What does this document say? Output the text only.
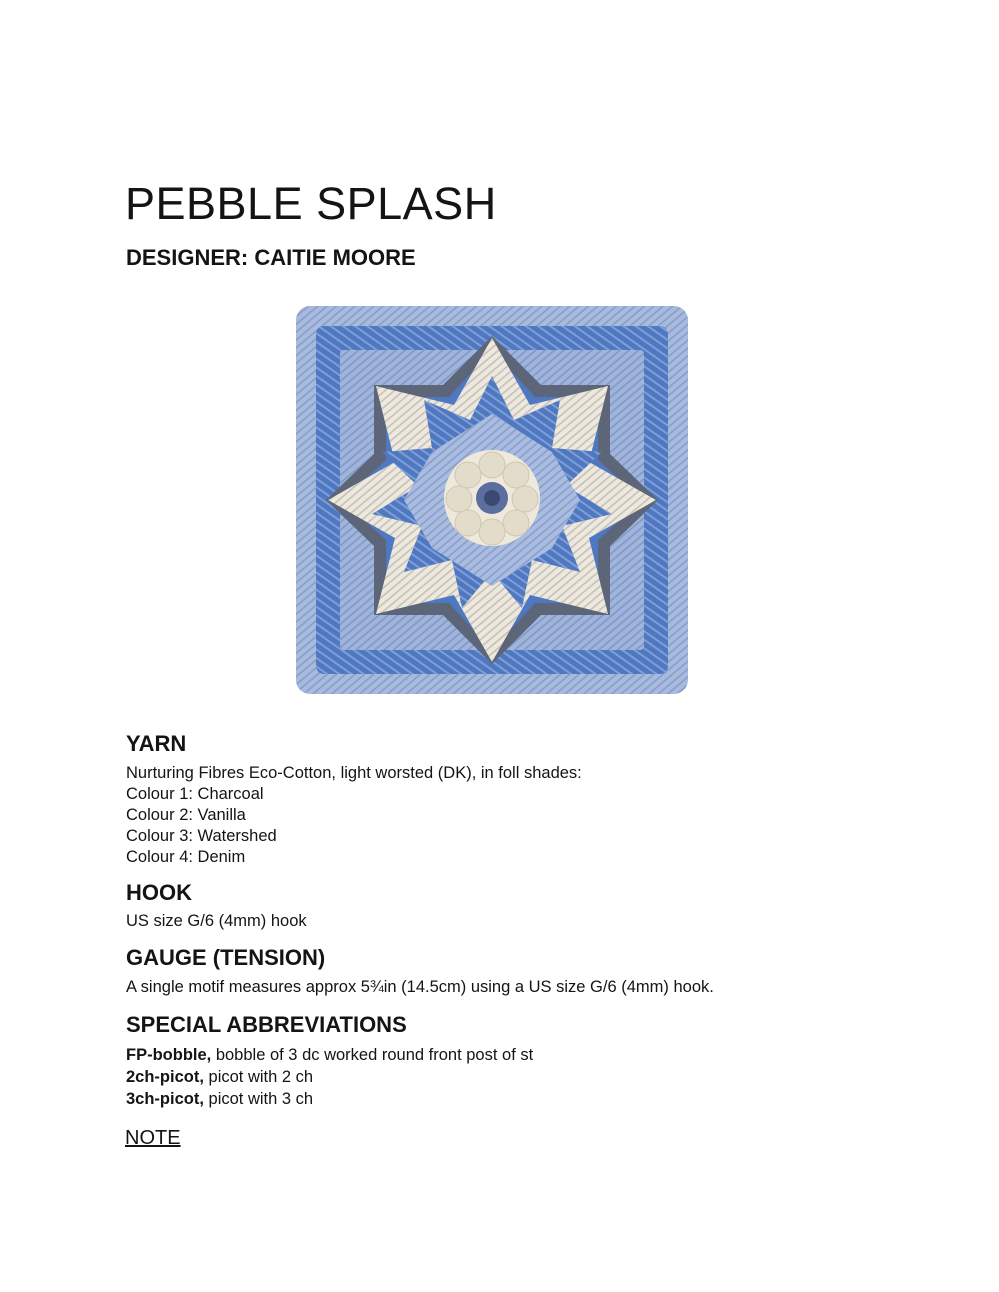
PEBBLE SPLASH
DESIGNER: CAITIE MOORE
YARN
Nurturing Fibres Eco-Cotton, light worsted (DK), in foll shades:
Colour 1: Charcoal
Colour 2: Vanilla
Colour 3: Watershed
Colour 4: Denim
HOOK
US size G/6 (4mm) hook
GAUGE (TENSION)
A single motif measures approx 5¾in (14.5cm) using a US size G/6 (4mm) hook.
SPECIAL ABBREVIATIONS
FP-bobble, bobble of 3 dc worked round front post of st
2ch-picot, picot with 2 ch
3ch-picot, picot with 3 ch
NOTE
